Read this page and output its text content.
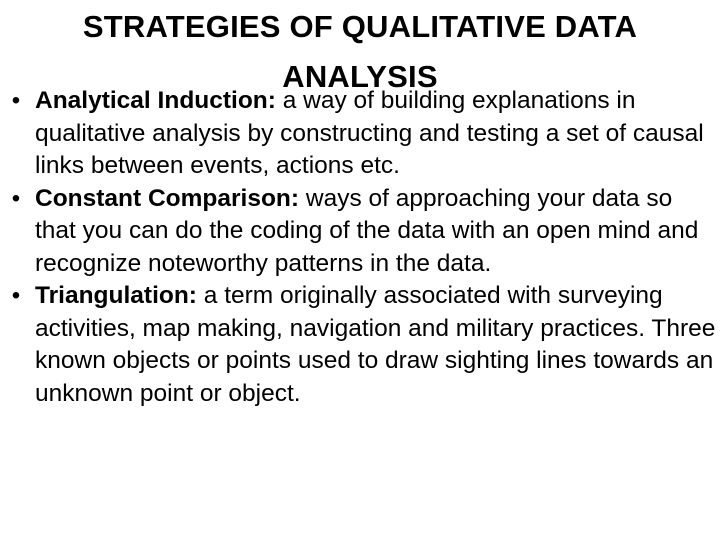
STRATEGIES OF QUALITATIVE DATA ANALYSIS
• Analytical Induction: a way of building explanations in qualitative analysis by constructing and testing a set of causal links between events, actions etc.
• Constant Comparison: ways of approaching your data so that you can do the coding of the data with an open mind and recognize noteworthy patterns in the data.
• Triangulation: a term originally associated with surveying activities, map making, navigation and military practices. Three known objects or points used to draw sighting lines towards an unknown point or object.
